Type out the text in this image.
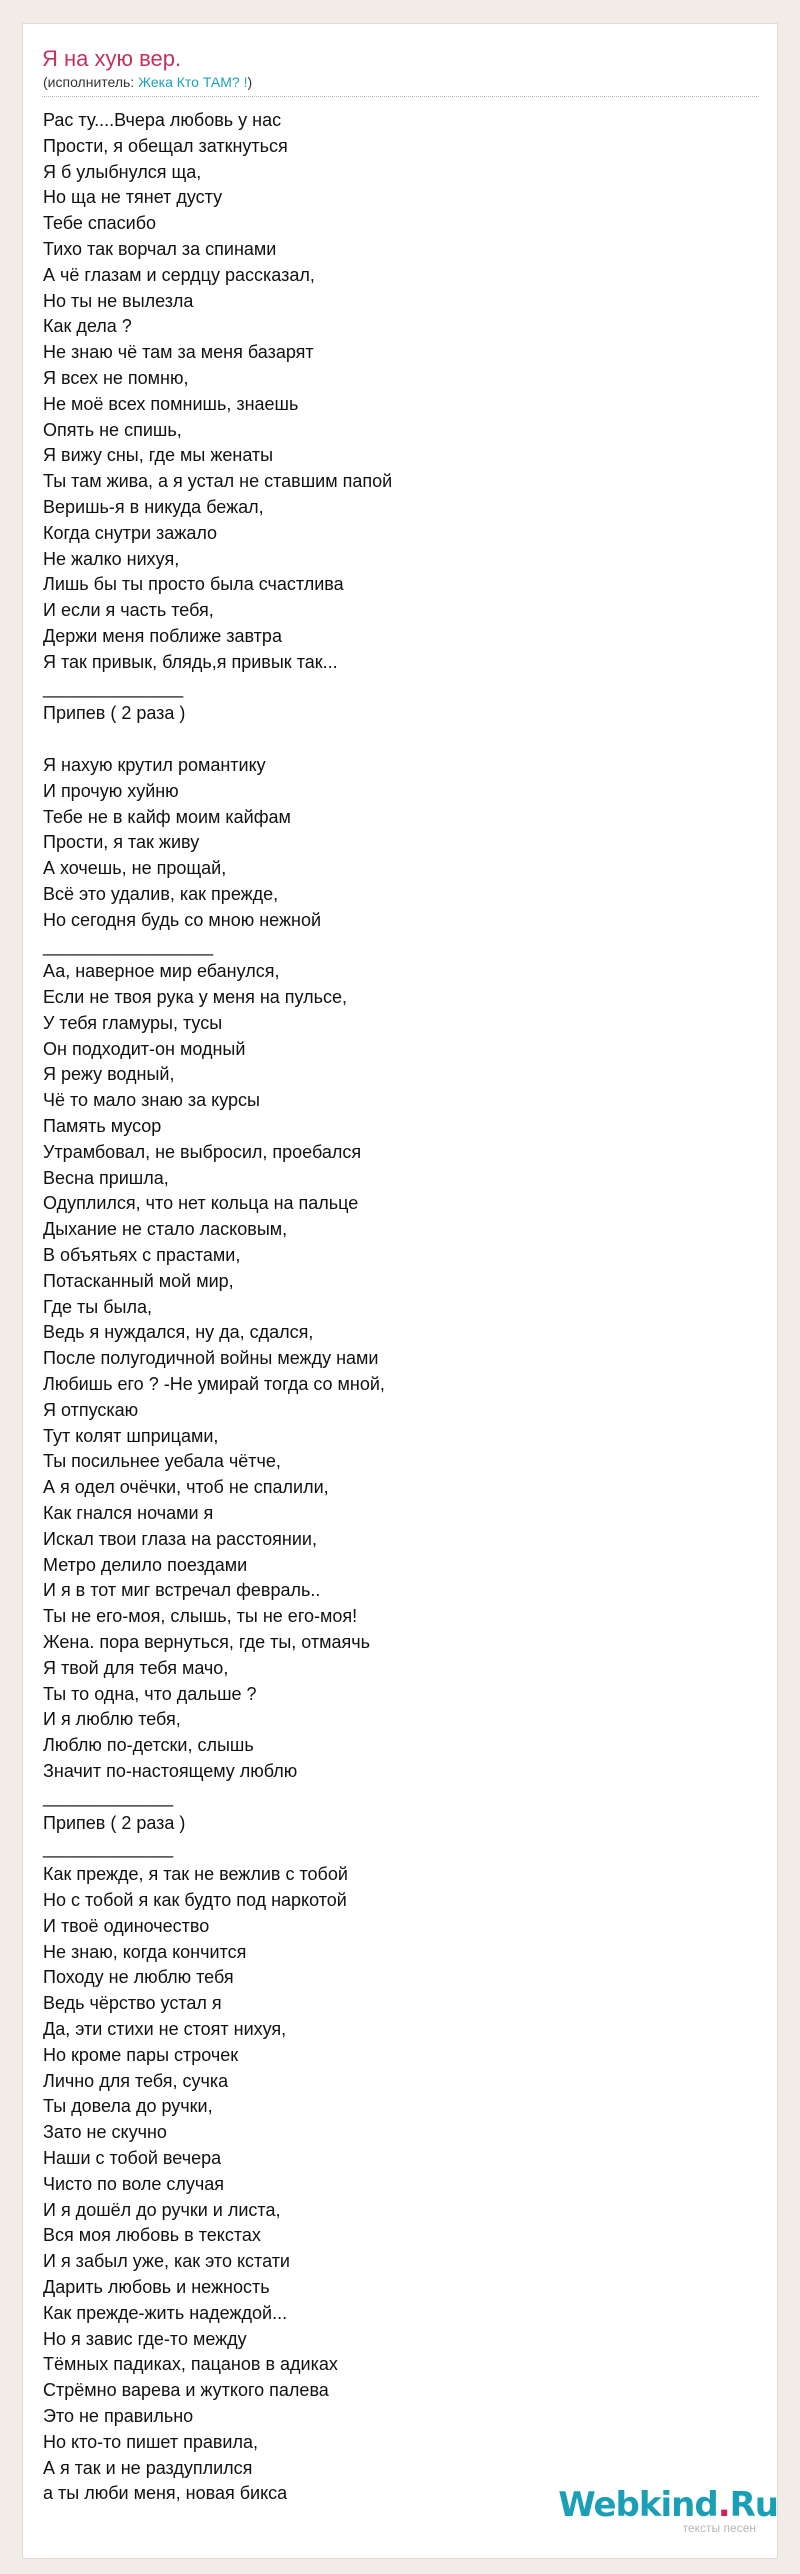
Я на хую вер.
(исполнитель: Жека Кто ТАМ? !)
Рас ту....Вчера любовь у нас
Прости, я обещал заткнуться
Я б улыбнулся ща,
Но ща не тянет дусту
Тебе спасибо
Тихо так ворчал за спинами
А чё глазам и сердцу рассказал,
Но ты не вылезла
Как дела ?
Не знаю чё там за меня базарят
Я всех не помню,
Не моё всех помнишь, знаешь
Опять не спишь,
Я вижу сны, где мы женаты
Ты там жива, а я устал не ставшим папой
Веришь-я в никуда бежал,
Когда снутри зажало
Не жалко нихуя,
Лишь бы ты просто была счастлива
И если я часть тебя,
Держи меня поближе завтра
Я так привык, блядь,я привык так...
______________
Припев ( 2 раза )
Я нахую крутил романтику
И прочую хуйню
Тебе не в кайф моим кайфам
Прости, я так живу
А хочешь, не прощай,
Всё это удалив, как прежде,
Но сегодня будь со мною нежной
_________________
Аа, наверное мир ебанулся,
Если не твоя рука у меня на пульсе,
У тебя гламуры, тусы
Он подходит-он модный
Я режу водный,
Чё то мало знаю за курсы
Память мусор
Утрамбовал, не выбросил, проебался
Весна пришла,
Одуплился, что нет кольца на пальце
Дыхание не стало ласковым,
В объятьях с прастами,
Потасканный мой мир,
Где ты была,
Ведь я нуждался, ну да, сдался,
После полугодичной войны между нами
Любишь его ? -Не умирай тогда со мной,
Я отпускаю
Тут колят шприцами,
Ты посильнее уебала чётче,
А я одел очёчки, чтоб не спалили,
Как гнался ночами я
Искал твои глаза на расстоянии,
Метро делило поездами
И я в тот миг встречал февраль..
Ты не его-моя, слышь, ты не его-моя!
Жена. пора вернуться, где ты, отмаячь
Я твой для тебя мачо,
Ты то одна, что дальше ?
И я люблю тебя,
Люблю по-детски, слышь
Значит по-настоящему люблю
_____________
Припев ( 2 раза )
_____________
Как прежде, я так не вежлив с тобой
Но с тобой я как будто под наркотой
И твоё одиночество
Не знаю, когда кончится
Походу не люблю тебя
Ведь чёрство устал я
Да, эти стихи не стоят нихуя,
Но кроме пары строчек
Лично для тебя, сучка
Ты довела до ручки,
Зато не скучно
Наши с тобой вечера
Чисто по воле случая
И я дошёл до ручки и листа,
Вся моя любовь в текстах
И я забыл уже, как это кстати
Дарить любовь и нежность
Как прежде-жить надеждой...
Но я завис где-то между
Тёмных падиках, пацанов в адиках
Стрёмно варева и жуткого палева
Это не правильно
Но кто-то пишет правила,
А я так и не раздуплился
а ты люби меня, новая бикса	Webkind.Ru
тексты песен
